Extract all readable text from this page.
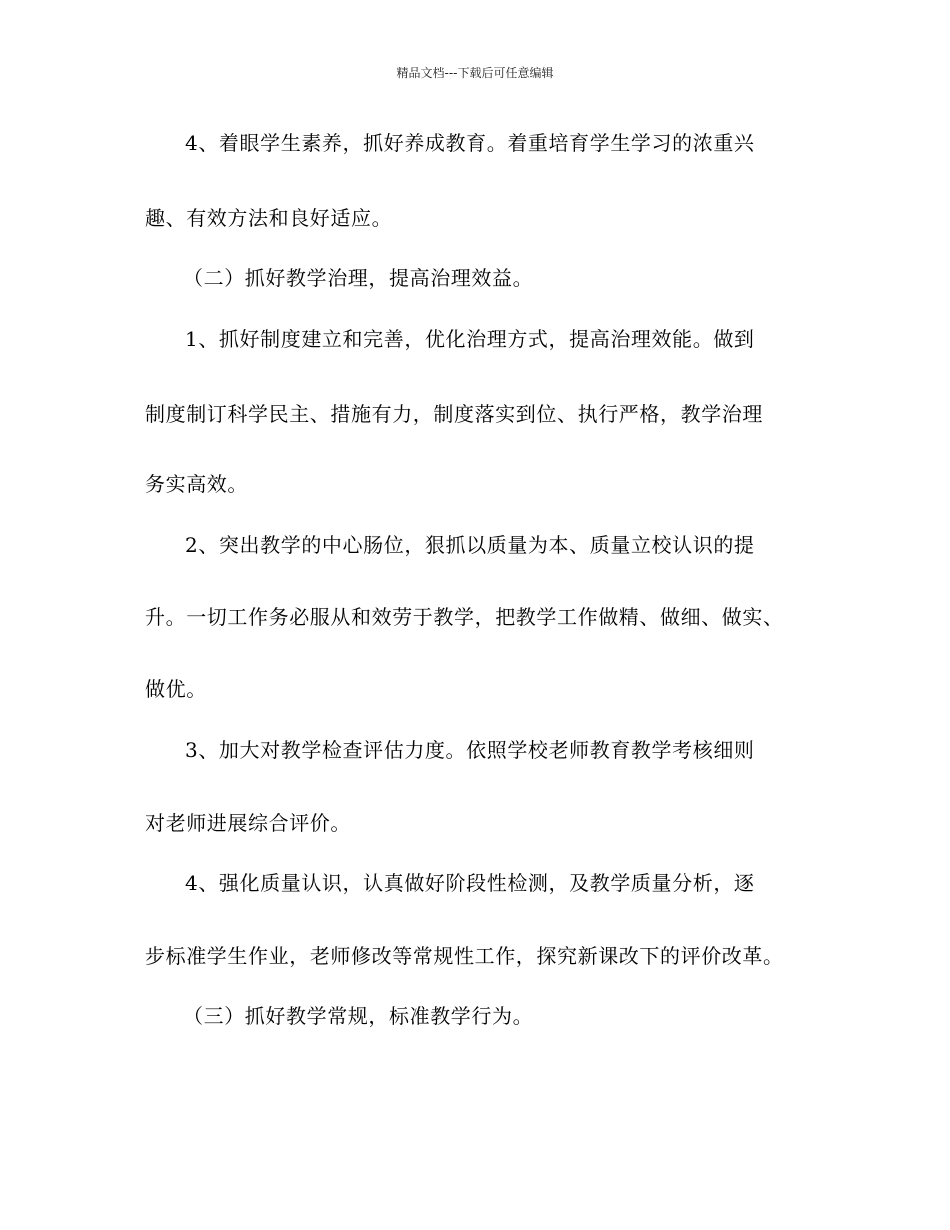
精品文档---下载后可任意编辑
4、着眼学生素养，抓好养成教育。着重培育学生学习的浓重兴
趣、有效方法和良好适应。
（二）抓好教学治理，提高治理效益。
1、抓好制度建立和完善，优化治理方式，提高治理效能。做到
制度制订科学民主、措施有力，制度落实到位、执行严格，教学治理
务实高效。
2、突出教学的中心肠位，狠抓以质量为本、质量立校认识的提
升。一切工作务必服从和效劳于教学，把教学工作做精、做细、做实、
做优。
3、加大对教学检查评估力度。依照学校老师教育教学考核细则
对老师进展综合评价。
4、强化质量认识，认真做好阶段性检测，及教学质量分析，逐
步标准学生作业，老师修改等常规性工作，探究新课改下的评价改革。
（三）抓好教学常规，标准教学行为。
